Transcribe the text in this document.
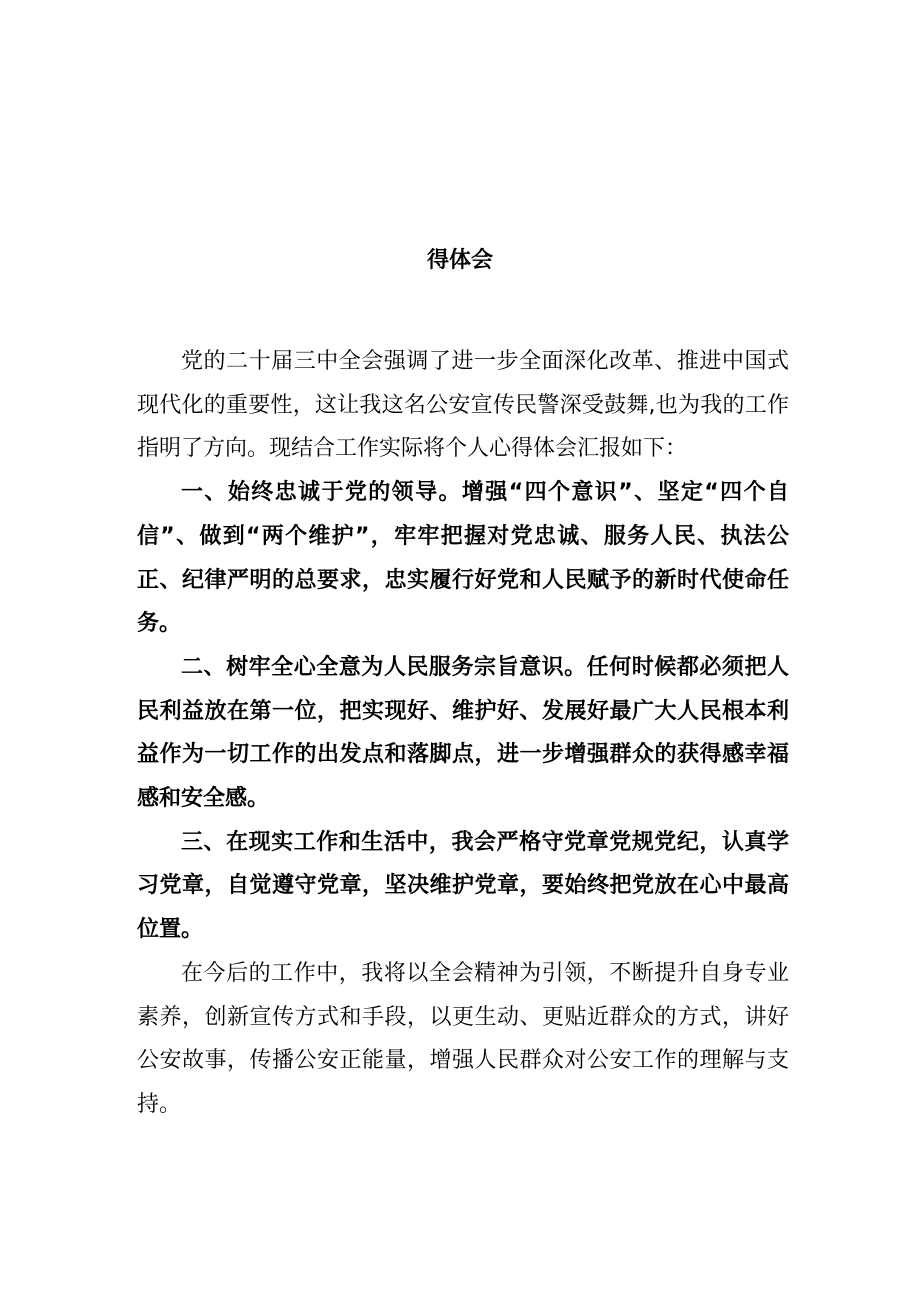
得体会

党的二十届三中全会强调了进一步全面深化改革、推进中国式现代化的重要性，这让我这名公安宣传民警深受鼓舞,也为我的工作指明了方向。现结合工作实际将个人心得体会汇报如下：

一、始终忠诚于党的领导。增强“四个意识”、坚定“四个自信”、做到“两个维护”，牢牢把握对党忠诚、服务人民、执法公正、纪律严明的总要求，忠实履行好党和人民赋予的新时代使命任务。

二、树牢全心全意为人民服务宗旨意识。任何时候都必须把人民利益放在第一位，把实现好、维护好、发展好最广大人民根本利益作为一切工作的出发点和落脚点，进一步增强群众的获得感幸福感和安全感。

三、在现实工作和生活中，我会严格守党章党规党纪，认真学习党章，自觉遵守党章，坚决维护党章，要始终把党放在心中最高位置。

在今后的工作中，我将以全会精神为引领，不断提升自身专业素养，创新宣传方式和手段，以更生动、更贴近群众的方式，讲好公安故事，传播公安正能量，增强人民群众对公安工作的理解与支持。
